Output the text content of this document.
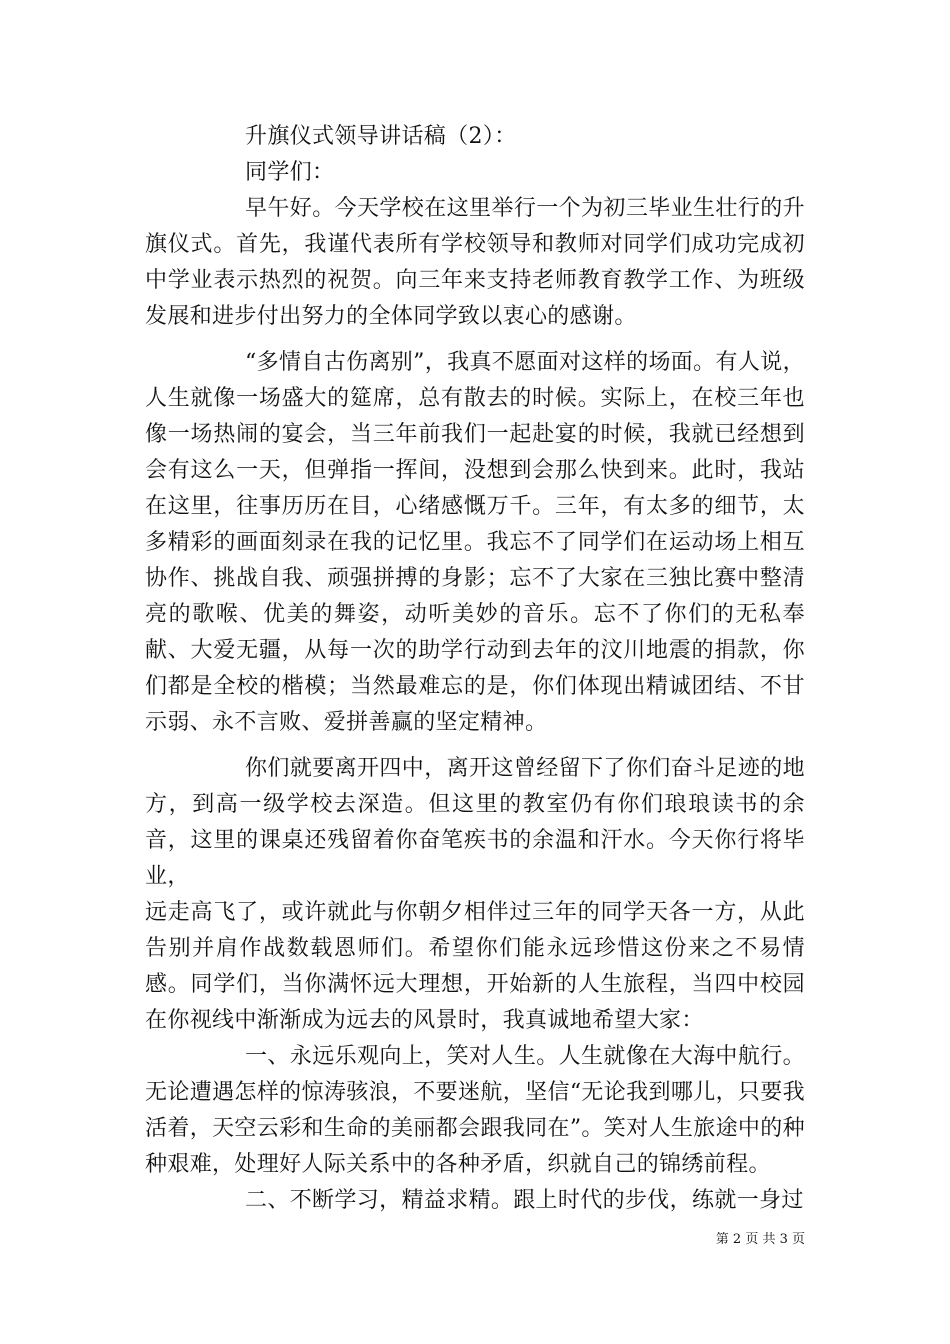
升旗仪式领导讲话稿（2）：

同学们：

早午好。今天学校在这里举行一个为初三毕业生壮行的升旗仪式。首先，我谨代表所有学校领导和教师对同学们成功完成初中学业表示热烈的祝贺。向三年来支持老师教育教学工作、为班级发展和进步付出努力的全体同学致以衷心的感谢。

“多情自古伤离别”，我真不愿面对这样的场面。有人说，人生就像一场盛大的筵席，总有散去的时候。实际上，在校三年也像一场热闹的宴会，当三年前我们一起赴宴的时候，我就已经想到会有这么一天，但弹指一挥间，没想到会那么快到来。此时，我站在这里，往事历历在目，心绪感慨万千。三年，有太多的细节，太多精彩的画面刻录在我的记忆里。我忘不了同学们在运动场上相互协作、挑战自我、顽强拼搏的身影；忘不了大家在三独比赛中整清亮的歌喉、优美的舞姿，动听美妙的音乐。忘不了你们的无私奉献、大爱无疆，从每一次的助学行动到去年的汶川地震的捐款，你们都是全校的楷模；当然最难忘的是，你们体现出精诚团结、不甘示弱、永不言败、爱拼善赢的坚定精神。

你们就要离开四中，离开这曾经留下了你们奋斗足迹的地方，到高一级学校去深造。但这里的教室仍有你们琅琅读书的余音，这里的课桌还残留着你奋笔疾书的余温和汗水。今天你行将毕业，

远走高飞了，或许就此与你朝夕相伴过三年的同学天各一方，从此告别并肩作战数载恩师们。希望你们能永远珍惜这份来之不易情感。同学们，当你满怀远大理想，开始新的人生旅程，当四中校园在你视线中渐渐成为远去的风景时，我真诚地希望大家：

一、永远乐观向上，笑对人生。人生就像在大海中航行。无论遭遇怎样的惊涛骇浪，不要迷航，坚信“无论我到哪儿，只要我活着，天空云彩和生命的美丽都会跟我同在”。笑对人生旅途中的种种艰难，处理好人际关系中的各种矛盾，织就自己的锦绣前程。

二、不断学习，精益求精。跟上时代的步伐，练就一身过

第 2 页 共 3 页
